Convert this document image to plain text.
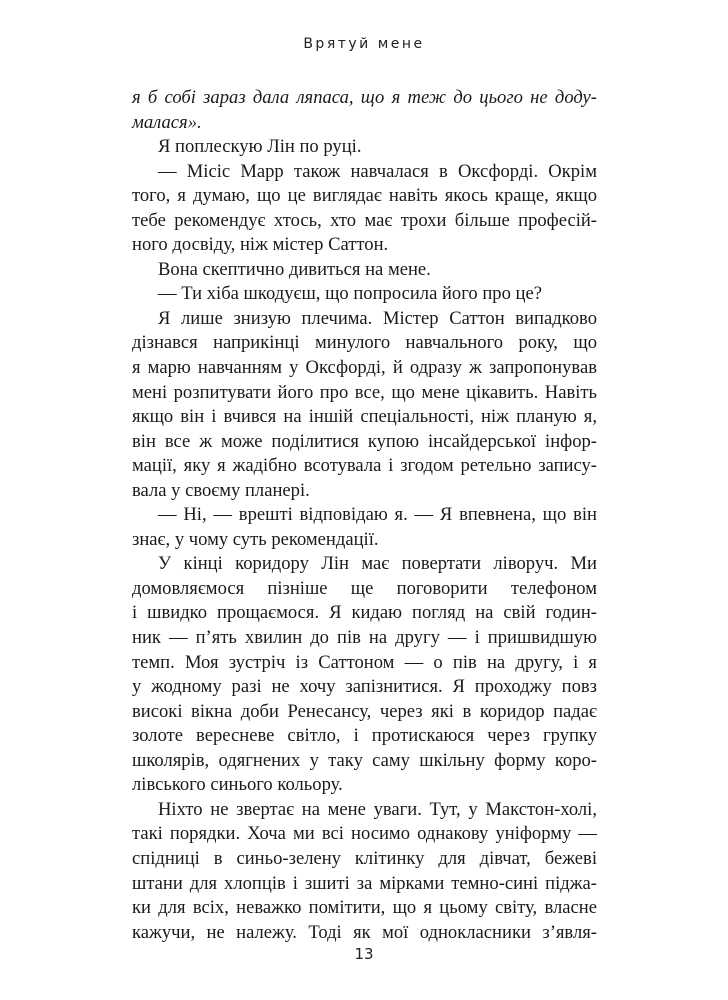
Врятуй мене
я б собі зараз дала ляпаса, що я теж до цього не доду-
малася».
Я поплескую Лін по руці.
— Місіс Марр також навчалася в Оксфорді. Окрім
того, я думаю, що це виглядає навіть якось краще, якщо
тебе рекомендує хтось, хто має трохи більше професій-
ного досвіду, ніж містер Саттон.
Вона скептично дивиться на мене.
— Ти хіба шкодуєш, що попросила його про це?
Я лише знизую плечима. Містер Саттон випадково
дізнався наприкінці минулого навчального року, що
я марю навчанням у Оксфорді, й одразу ж запропонував
мені розпитувати його про все, що мене цікавить. Навіть
якщо він і вчився на іншій спеціальності, ніж планую я,
він все ж може поділитися купою інсайдерської інфор-
мації, яку я жадібно всотувала і згодом ретельно запису-
вала у своєму планері.
— Ні, — врешті відповідаю я. — Я впевнена, що він
знає, у чому суть рекомендації.
У кінці коридору Лін має повертати ліворуч. Ми
домовляємося пізніше ще поговорити телефоном
і швидко прощаємося. Я кидаю погляд на свій годин-
ник — п’ять хвилин до пів на другу — і пришвидшую
темп. Моя зустріч із Саттоном — о пів на другу, і я
у жодному разі не хочу запізнитися. Я проходжу повз
високі вікна доби Ренесансу, через які в коридор падає
золоте вересневе світло, і протискаюся через групку
школярів, одягнених у таку саму шкільну форму коро-
лівського синього кольору.
Ніхто не звертає на мене уваги. Тут, у Макстон-холі,
такі порядки. Хоча ми всі носимо однакову уніформу —
спідниці в синьо-зелену клітинку для дівчат, бежеві
штани для хлопців і зшиті за мірками темно-сині піджа-
ки для всіх, неважко помітити, що я цьому світу, власне
кажучи, не належу. Тоді як мої однокласники з’явля-
13
